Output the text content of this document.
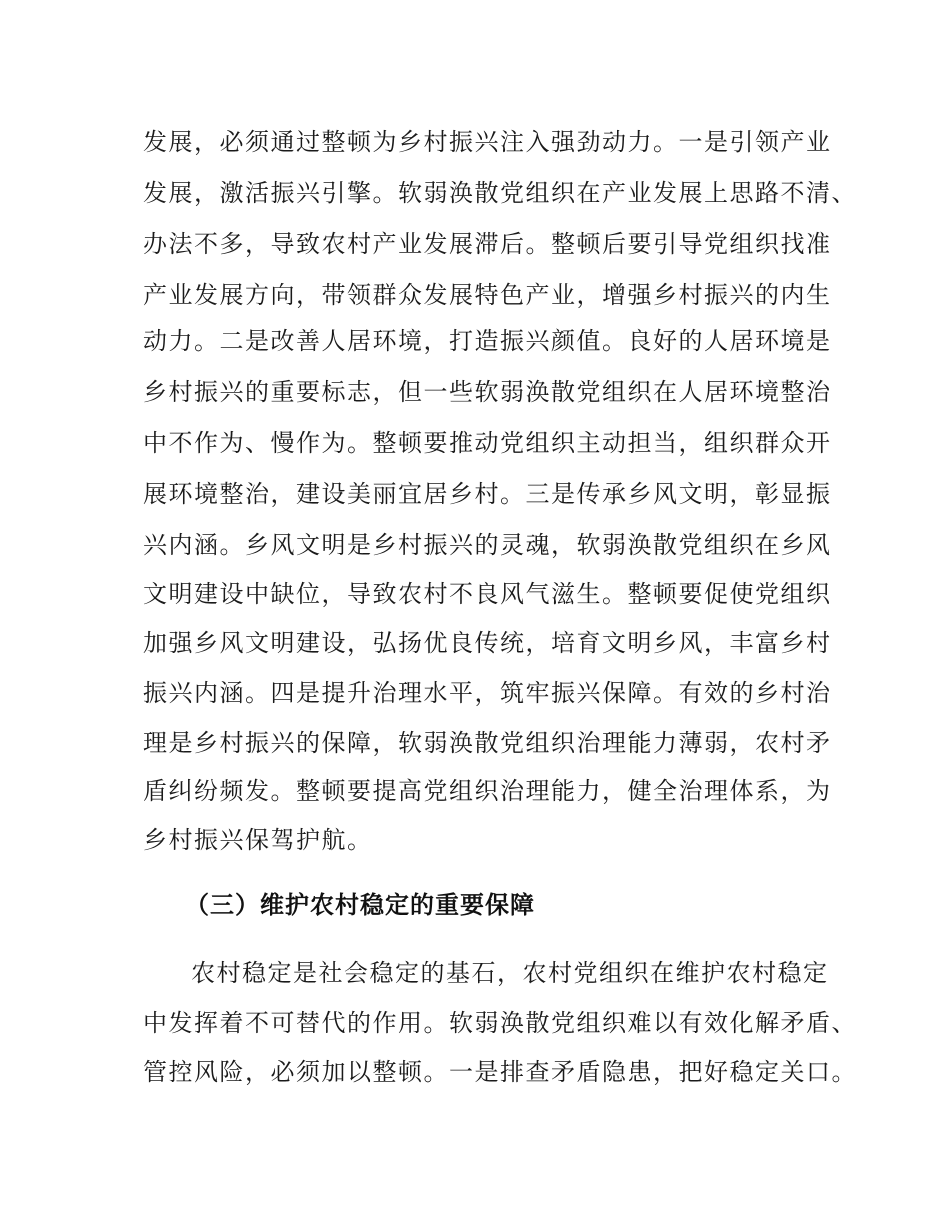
发展，必须通过整顿为乡村振兴注入强劲动力。一是引领产业
发展，激活振兴引擎。软弱涣散党组织在产业发展上思路不清、
办法不多，导致农村产业发展滞后。整顿后要引导党组织找准
产业发展方向，带领群众发展特色产业，增强乡村振兴的内生
动力。二是改善人居环境，打造振兴颜值。良好的人居环境是
乡村振兴的重要标志，但一些软弱涣散党组织在人居环境整治
中不作为、慢作为。整顿要推动党组织主动担当，组织群众开
展环境整治，建设美丽宜居乡村。三是传承乡风文明，彰显振
兴内涵。乡风文明是乡村振兴的灵魂，软弱涣散党组织在乡风
文明建设中缺位，导致农村不良风气滋生。整顿要促使党组织
加强乡风文明建设，弘扬优良传统，培育文明乡风，丰富乡村
振兴内涵。四是提升治理水平，筑牢振兴保障。有效的乡村治
理是乡村振兴的保障，软弱涣散党组织治理能力薄弱，农村矛
盾纠纷频发。整顿要提高党组织治理能力，健全治理体系，为
乡村振兴保驾护航。
（三）维护农村稳定的重要保障
农村稳定是社会稳定的基石，农村党组织在维护农村稳定
中发挥着不可替代的作用。软弱涣散党组织难以有效化解矛盾、
管控风险，必须加以整顿。一是排查矛盾隐患，把好稳定关口。
